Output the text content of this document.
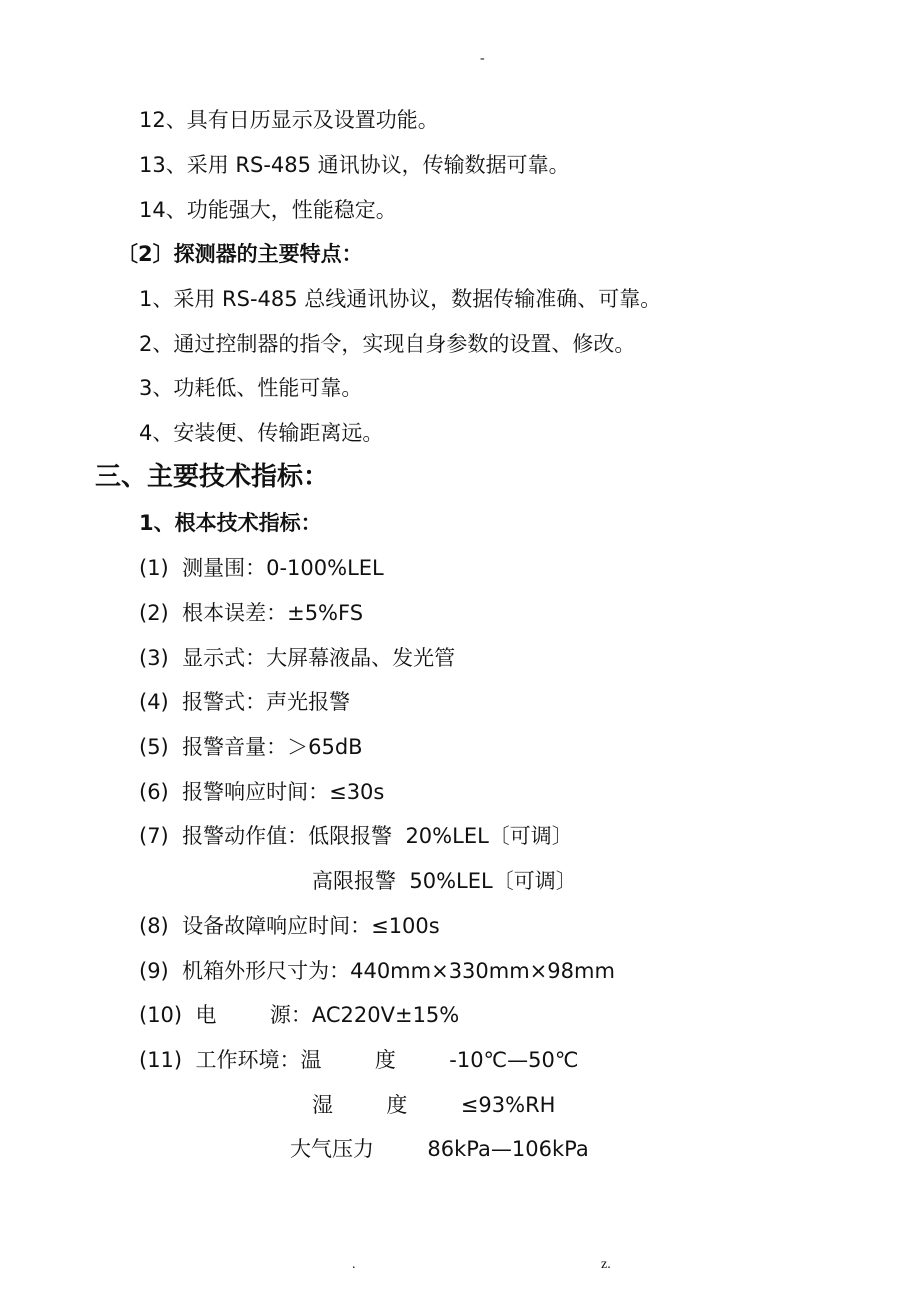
-
12、具有日历显示及设置功能。
13、采用 RS-485 通讯协议，传输数据可靠。
14、功能强大，性能稳定。
〔2〕探测器的主要特点：
1、采用 RS-485 总线通讯协议，数据传输准确、可靠。
2、通过控制器的指令，实现自身参数的设置、修改。
3、功耗低、性能可靠。
4、安装便、传输距离远。
三、主要技术指标：
1、根本技术指标：
(1)  测量围：0-100%LEL
(2)  根本误差：±5%FS
(3)  显示式：大屏幕液晶、发光管
(4)  报警式：声光报警
(5)  报警音量：＞65dB
(6)  报警响应时间：≤30s
(7)  报警动作值：低限报警  20%LEL〔可调〕
高限报警  50%LEL〔可调〕
(8)  设备故障响应时间：≤100s
(9)  机箱外形尺寸为：440mm×330mm×98mm
(10)  电        源：AC220V±15%
(11)  工作环境：温        度        -10℃—50℃
湿        度        ≤93%RH
大气压力        86kPa—106kPa
.	z.
